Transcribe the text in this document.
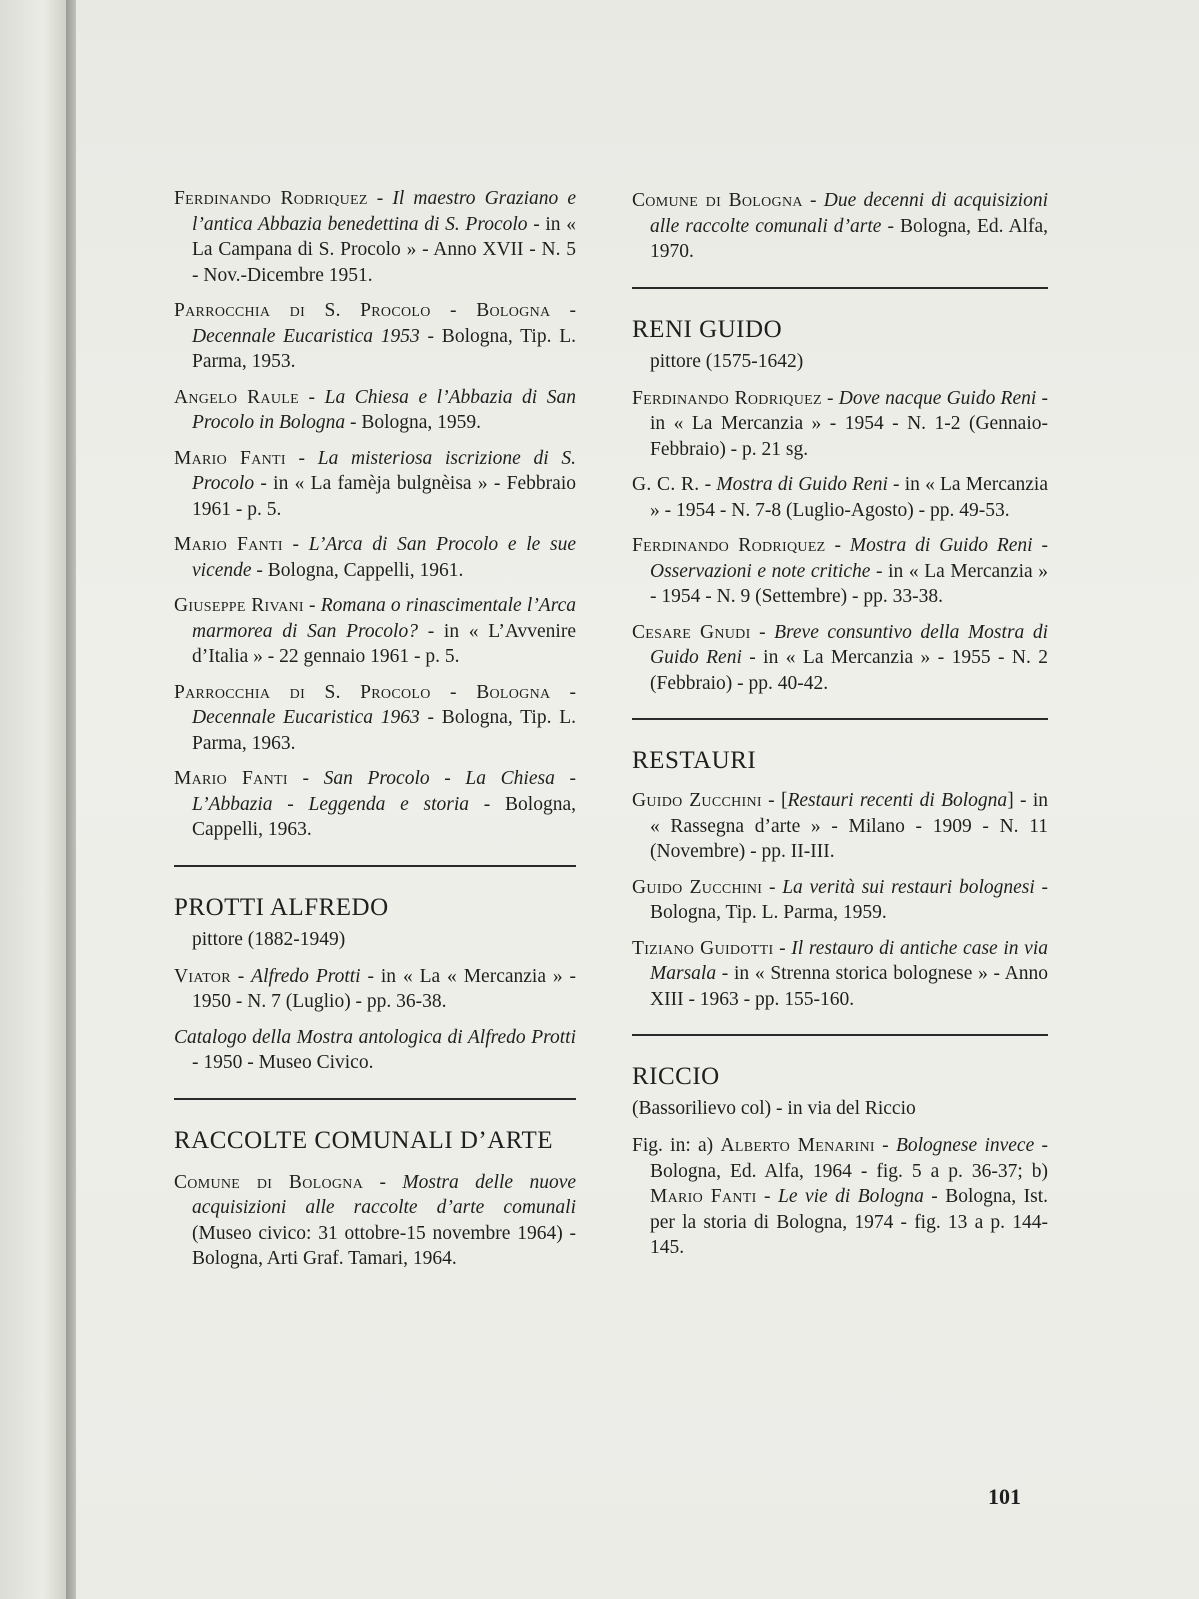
Ferdinando Rodriquez - Il maestro Graziano e l’antica Abbazia benedettina di S. Procolo - in « La Campana di S. Procolo » - Anno XVII - N. 5 - Nov.-Dicembre 1951.
Parrocchia di S. Procolo - Bologna - Decennale Eucaristica 1953 - Bologna, Tip. L. Parma, 1953.
Angelo Raule - La Chiesa e l’Abbazia di San Procolo in Bologna - Bologna, 1959.
Mario Fanti - La misteriosa iscrizione di S. Procolo - in « La famèja bulgnèisa » - Febbraio 1961 - p. 5.
Mario Fanti - L’Arca di San Procolo e le sue vicende - Bologna, Cappelli, 1961.
Giuseppe Rivani - Romana o rinascimentale l’Arca marmorea di San Procolo? - in « L’Avvenire d’Italia » - 22 gennaio 1961 - p. 5.
Parrocchia di S. Procolo - Bologna - Decennale Eucaristica 1963 - Bologna, Tip. L. Parma, 1963.
Mario Fanti - San Procolo - La Chiesa - L’Abbazia - Leggenda e storia - Bologna, Cappelli, 1963.
PROTTI ALFREDO
pittore (1882-1949)
Viator - Alfredo Protti - in « La « Mercanzia » - 1950 - N. 7 (Luglio) - pp. 36-38.
Catalogo della Mostra antologica di Alfredo Protti - 1950 - Museo Civico.
RACCOLTE COMUNALI D’ARTE
Comune di Bologna - Mostra delle nuove acquisizioni alle raccolte d’arte comunali (Museo civico: 31 ottobre-15 novembre 1964) - Bologna, Arti Graf. Tamari, 1964.
Comune di Bologna - Due decenni di acquisizioni alle raccolte comunali d’arte - Bologna, Ed. Alfa, 1970.
RENI GUIDO
pittore (1575-1642)
Ferdinando Rodriquez - Dove nacque Guido Reni - in « La Mercanzia » - 1954 - N. 1-2 (Gennaio-Febbraio) - p. 21 sg.
G. C. R. - Mostra di Guido Reni - in « La Mercanzia » - 1954 - N. 7-8 (Luglio-Agosto) - pp. 49-53.
Ferdinando Rodriquez - Mostra di Guido Reni - Osservazioni e note critiche - in « La Mercanzia » - 1954 - N. 9 (Settembre) - pp. 33-38.
Cesare Gnudi - Breve consuntivo della Mostra di Guido Reni - in « La Mercanzia » - 1955 - N. 2 (Febbraio) - pp. 40-42.
RESTAURI
Guido Zucchini - [Restauri recenti di Bologna] - in « Rassegna d’arte » - Milano - 1909 - N. 11 (Novembre) - pp. II-III.
Guido Zucchini - La verità sui restauri bolognesi - Bologna, Tip. L. Parma, 1959.
Tiziano Guidotti - Il restauro di antiche case in via Marsala - in « Strenna storica bolognese » - Anno XIII - 1963 - pp. 155-160.
RICCIO
(Bassorilievo col) - in via del Riccio
Fig. in: a) Alberto Menarini - Bolognese invece - Bologna, Ed. Alfa, 1964 - fig. 5 a p. 36-37; b) Mario Fanti - Le vie di Bologna - Bologna, Ist. per la storia di Bologna, 1974 - fig. 13 a p. 144-145.
101
